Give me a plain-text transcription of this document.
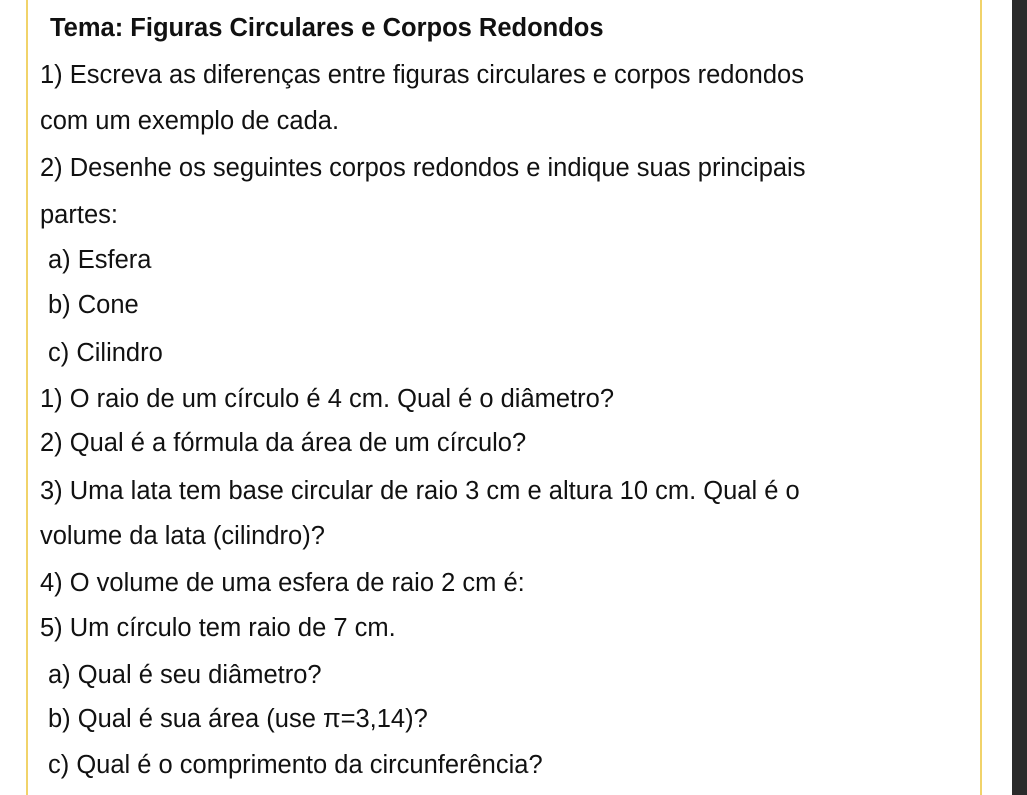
Tema: Figuras Circulares e Corpos Redondos
1) Escreva as diferenças entre figuras circulares e corpos redondos
com um exemplo de cada.
2) Desenhe os seguintes corpos redondos e indique suas principais
partes:
a) Esfera
b) Cone
c) Cilindro
1) O raio de um círculo é 4 cm. Qual é o diâmetro?
2) Qual é a fórmula da área de um círculo?
3) Uma lata tem base circular de raio 3 cm e altura 10 cm. Qual é o
volume da lata (cilindro)?
4) O volume de uma esfera de raio 2 cm é:
5) Um círculo tem raio de 7 cm.
a) Qual é seu diâmetro?
b) Qual é sua área (use π=3,14)?
c) Qual é o comprimento da circunferência?
